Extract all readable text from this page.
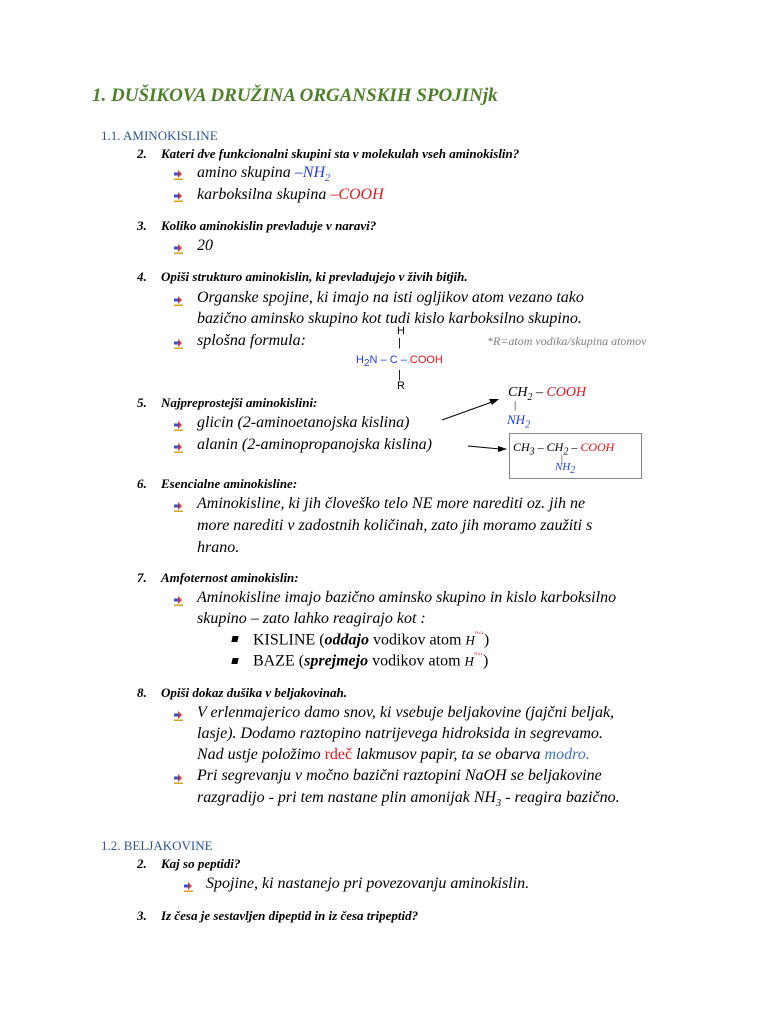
1. DUŠIKOVA DRUŽINA ORGANSKIH SPOJINjk
1.1. AMINOKISLINE
2. Kateri dve funkcionalni skupini sta v molekulah vseh aminokislin?
amino skupina $-NH_2$
karboksilna skupina –COOH
3. Koliko aminokislin prevladuje v naravi?
20
4. Opiši strukturo aminokislin, ki prevladujejo v živih bitjih.
Organske spojine, ki imajo na isti ogljikov atom vezano tako
bazično aminsko skupino kot tudi kislo karboksilno skupino.
splošna formula:
H
|
$H_2N$ – C – COOH
|
R
*R=atom vodika/skupina atomov
5. Najpreprostejši aminokislini:
glicin (2-aminoetanojska kislina)
alanin (2-aminopropanojska kislina)
$CH_2$ – COOH
|
$NH_2$
$CH_3 - CH_2$ – COOH
|
$NH_2$
6. Esencialne aminokisline:
Aminokisline, ki jih človeško telo NE more narediti oz. jih ne
more narediti v zadostnih količinah, zato jih moramo zaužiti s
hrano.
7. Amfoternost aminokislin:
Aminokisline imajo bazično aminsko skupino in kislo karboksilno
skupino – zato lahko reagirajo kot :
KISLINE (oddajo vodikov atom H"‘‘)
BAZE (sprejmejo vodikov atom H"‘‘)
8. Opiši dokaz dušika v beljakovinah.
V erlenmajerico damo snov, ki vsebuje beljakovine (jajčni beljak,
lasje). Dodamo raztopino natrijevega hidroksida in segrevamo.
Nad ustje položimo rdeč lakmusov papir, ta se obarva modro.
Pri segrevanju v močno bazični raztopini NaOH se beljakovine
razgradijo - pri tem nastane plin amonijak $NH_3$ - reagira bazično.
1.2. BELJAKOVINE
2. Kaj so peptidi?
Spojine, ki nastanejo pri povezovanju aminokislin.
3. Iz česa je sestavljen dipeptid in iz česa tripeptid?
